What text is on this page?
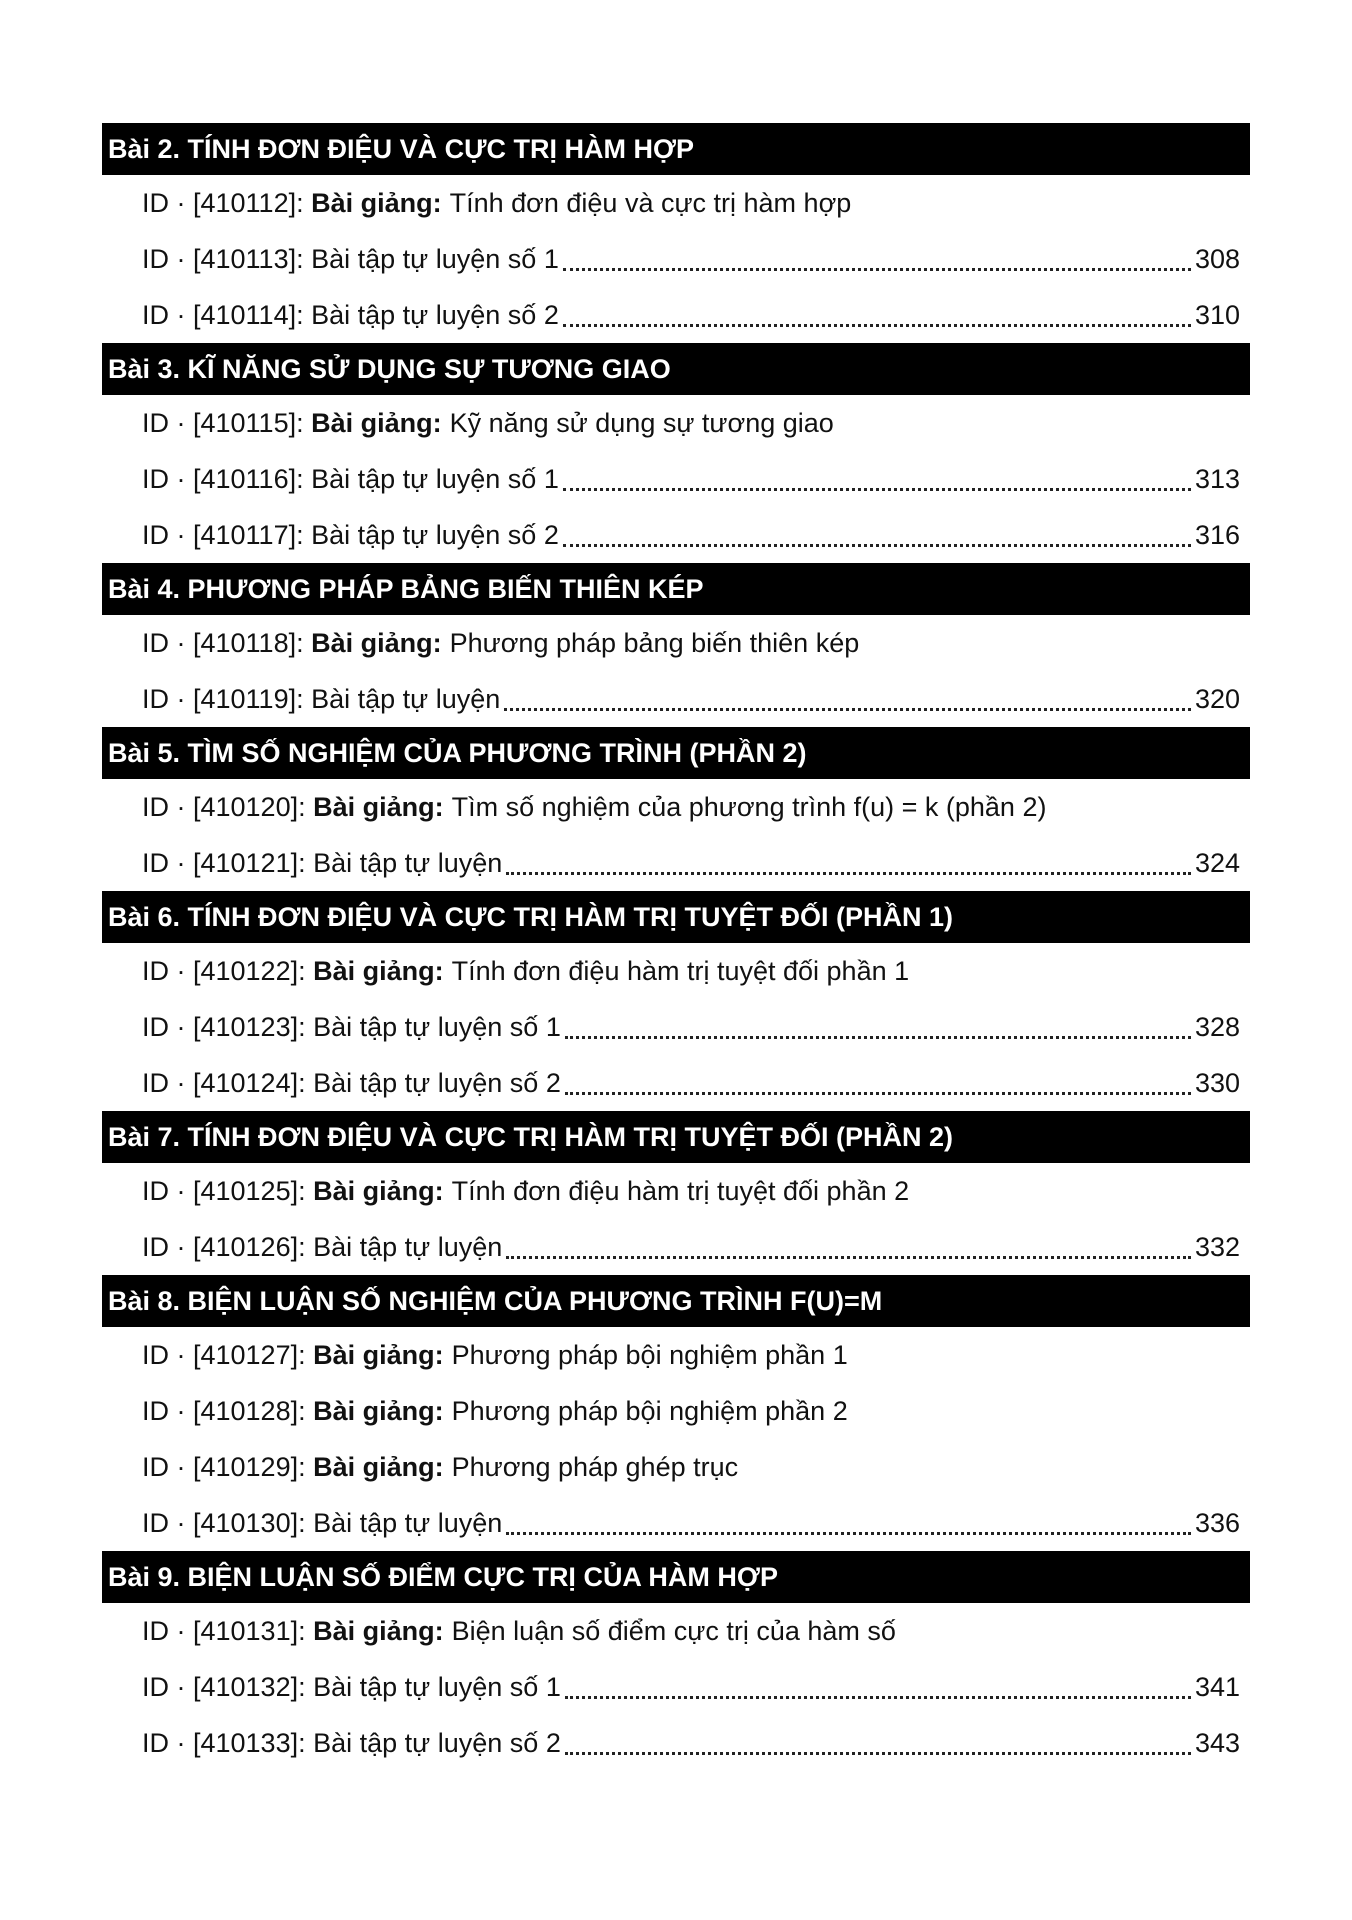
Bài 2. TÍNH ĐƠN ĐIỆU VÀ CỰC TRỊ HÀM HỢP
ID · [410112]:
Bài giảng: Tính đơn điệu và cực trị hàm hợp
ID · [410113]:
Bài tập tự luyện số 1	308
ID · [410114]:
Bài tập tự luyện số 2	310
Bài 3. KĨ NĂNG SỬ DỤNG SỰ TƯƠNG GIAO
ID · [410115]:
Bài giảng: Kỹ năng sử dụng sự tương giao
ID · [410116]:
Bài tập tự luyện số 1	313
ID · [410117]:
Bài tập tự luyện số 2	316
Bài 4. PHƯƠNG PHÁP BẢNG BIẾN THIÊN KÉP
ID · [410118]:
Bài giảng: Phương pháp bảng biến thiên kép
ID · [410119]:
Bài tập tự luyện	320
Bài 5. TÌM SỐ NGHIỆM CỦA PHƯƠNG TRÌNH (PHẦN 2)
ID · [410120]:
Bài giảng: Tìm số nghiệm của phương trình f(u) = k (phần 2)
ID · [410121]:
Bài tập tự luyện	324
Bài 6. TÍNH ĐƠN ĐIỆU VÀ CỰC TRỊ HÀM TRỊ TUYỆT ĐỐI (PHẦN 1)
ID · [410122]:
Bài giảng: Tính đơn điệu hàm trị tuyệt đối phần 1
ID · [410123]:
Bài tập tự luyện số 1	328
ID · [410124]:
Bài tập tự luyện số 2	330
Bài 7. TÍNH ĐƠN ĐIỆU VÀ CỰC TRỊ HÀM TRỊ TUYỆT ĐỐI (PHẦN 2)
ID · [410125]:
Bài giảng: Tính đơn điệu hàm trị tuyệt đối phần 2
ID · [410126]:
Bài tập tự luyện	332
Bài 8. BIỆN LUẬN SỐ NGHIỆM CỦA PHƯƠNG TRÌNH F(U)=M
ID · [410127]:
Bài giảng: Phương pháp bội nghiệm phần 1
ID · [410128]:
Bài giảng: Phương pháp bội nghiệm phần 2
ID · [410129]:
Bài giảng: Phương pháp ghép trục
ID · [410130]:
Bài tập tự luyện	336
Bài 9. BIỆN LUẬN SỐ ĐIỂM CỰC TRỊ CỦA HÀM HỢP
ID · [410131]:
Bài giảng: Biện luận số điểm cực trị của hàm số
ID · [410132]:
Bài tập tự luyện số 1	341
ID · [410133]:
Bài tập tự luyện số 2	343
